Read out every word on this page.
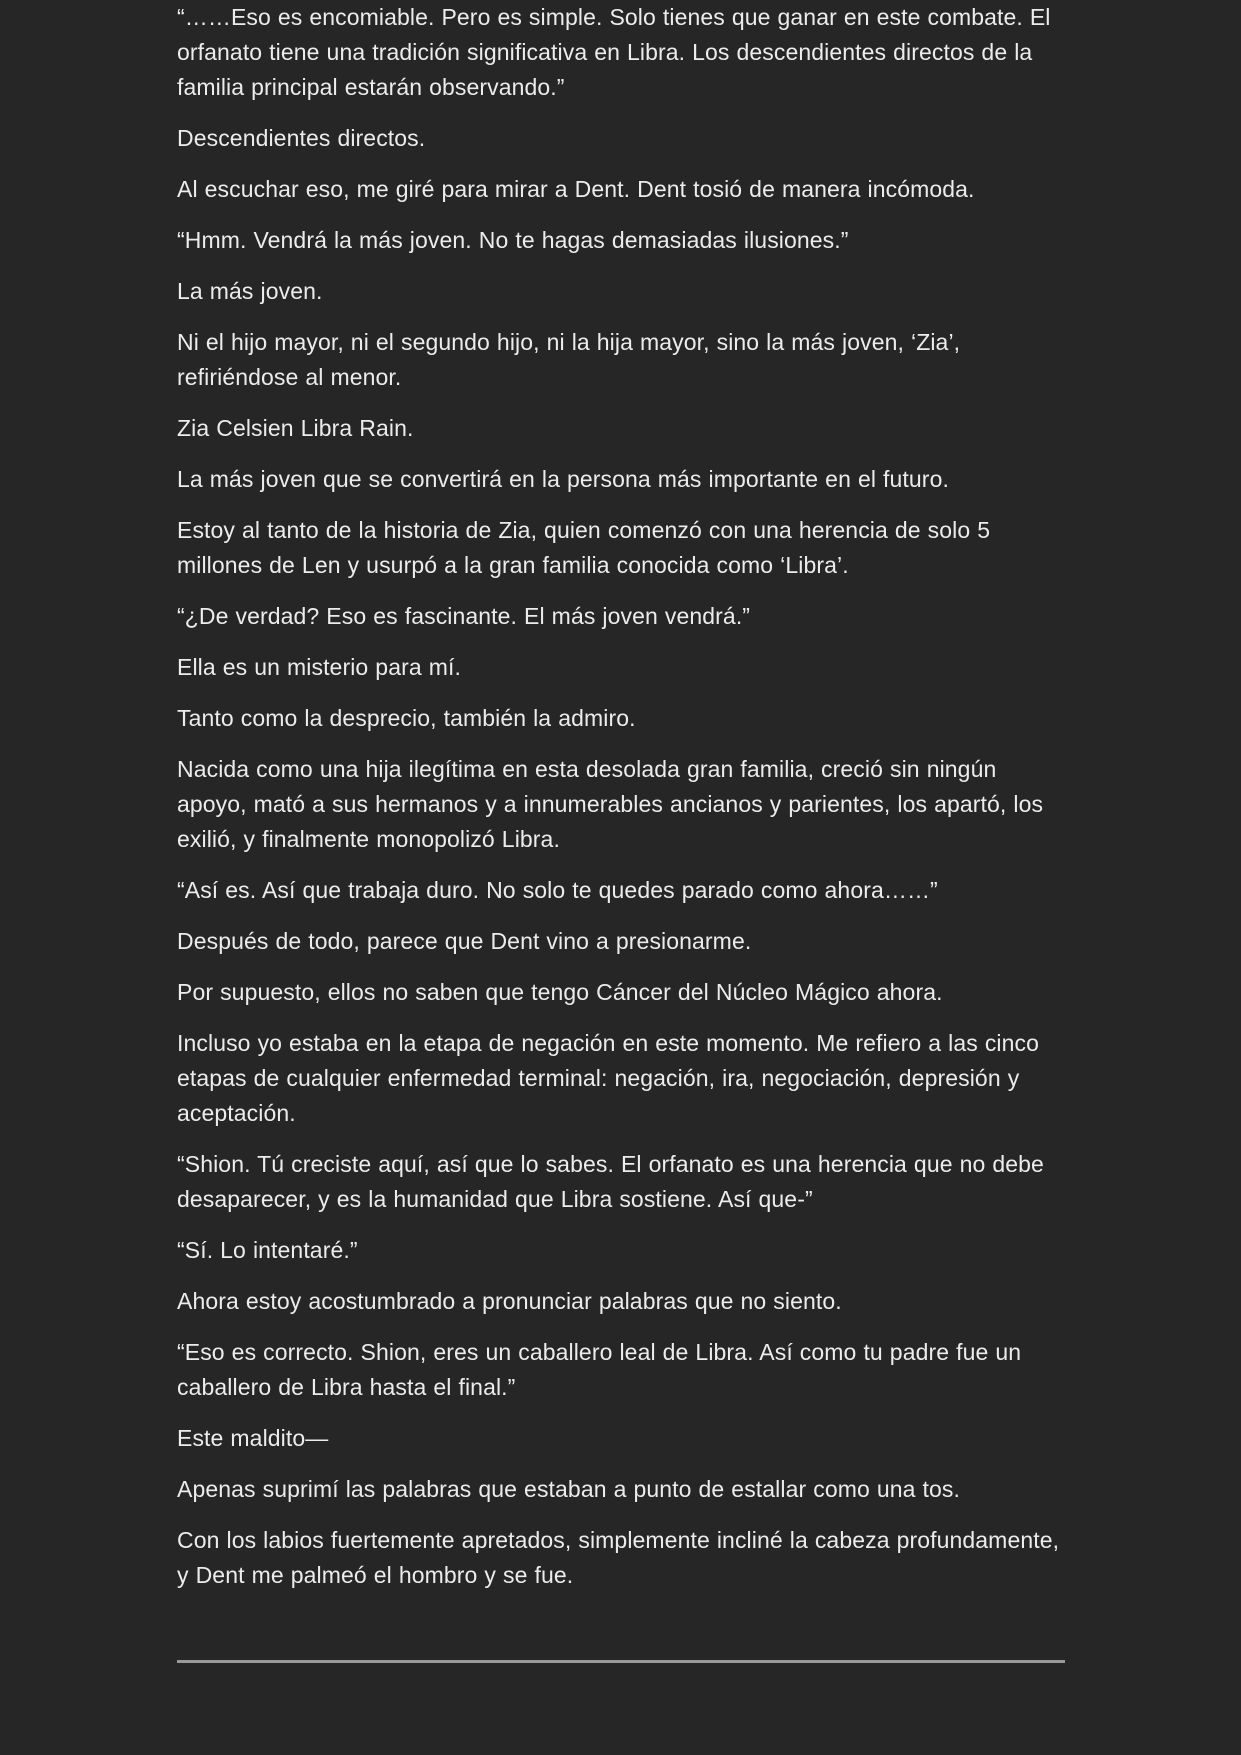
“……Eso es encomiable. Pero es simple. Solo tienes que ganar en este combate. El orfanato tiene una tradición significativa en Libra. Los descendientes directos de la familia principal estarán observando.”

Descendientes directos.

Al escuchar eso, me giré para mirar a Dent. Dent tosió de manera incómoda.

“Hmm. Vendrá la más joven. No te hagas demasiadas ilusiones.”

La más joven.

Ni el hijo mayor, ni el segundo hijo, ni la hija mayor, sino la más joven, ‘Zia’, refiriéndose al menor.

Zia Celsien Libra Rain.

La más joven que se convertirá en la persona más importante en el futuro.

Estoy al tanto de la historia de Zia, quien comenzó con una herencia de solo 5 millones de Len y usurpó a la gran familia conocida como ‘Libra’.

“¿De verdad? Eso es fascinante. El más joven vendrá.”

Ella es un misterio para mí.

Tanto como la desprecio, también la admiro.

Nacida como una hija ilegítima en esta desolada gran familia, creció sin ningún apoyo, mató a sus hermanos y a innumerables ancianos y parientes, los apartó, los exilió, y finalmente monopolizó Libra.

“Así es. Así que trabaja duro. No solo te quedes parado como ahora……”

Después de todo, parece que Dent vino a presionarme.

Por supuesto, ellos no saben que tengo Cáncer del Núcleo Mágico ahora.

Incluso yo estaba en la etapa de negación en este momento. Me refiero a las cinco etapas de cualquier enfermedad terminal: negación, ira, negociación, depresión y aceptación.

“Shion. Tú creciste aquí, así que lo sabes. El orfanato es una herencia que no debe desaparecer, y es la humanidad que Libra sostiene. Así que-”

“Sí. Lo intentaré.”

Ahora estoy acostumbrado a pronunciar palabras que no siento.

“Eso es correcto. Shion, eres un caballero leal de Libra. Así como tu padre fue un caballero de Libra hasta el final.”

Este maldito—

Apenas suprimí las palabras que estaban a punto de estallar como una tos.

Con los labios fuertemente apretados, simplemente incliné la cabeza profundamente, y Dent me palmeó el hombro y se fue.
